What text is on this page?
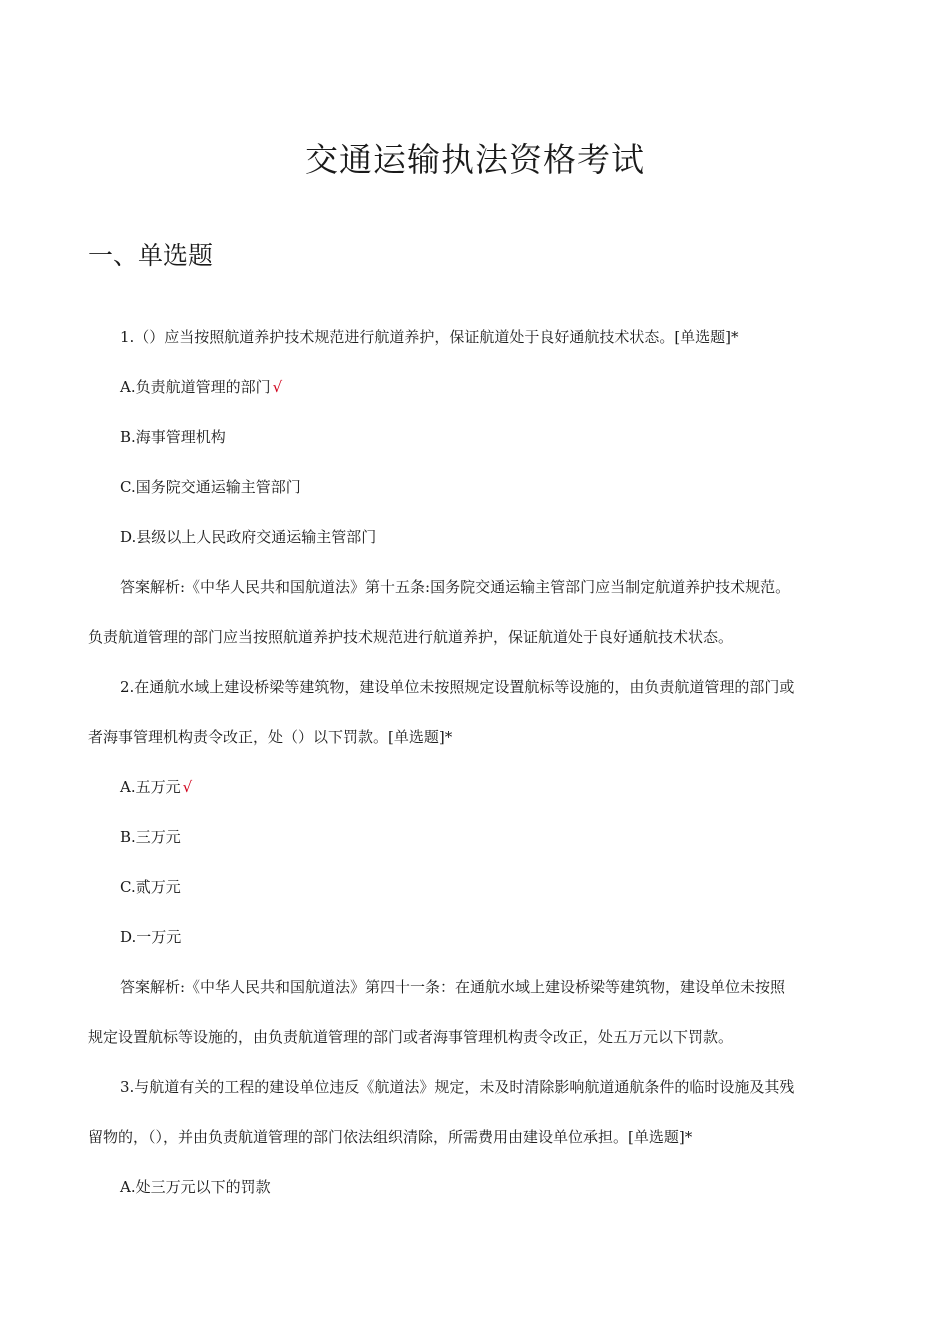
交通运输执法资格考试
一、单选题
1.（）应当按照航道养护技术规范进行航道养护，保证航道处于良好通航技术状态。[单选题]*
A.负责航道管理的部门 √
B.海事管理机构
C.国务院交通运输主管部门
D.县级以上人民政府交通运输主管部门
答案解析:《中华人民共和国航道法》第十五条:国务院交通运输主管部门应当制定航道养护技术规范。
负责航道管理的部门应当按照航道养护技术规范进行航道养护，保证航道处于良好通航技术状态。
2.在通航水域上建设桥梁等建筑物，建设单位未按照规定设置航标等设施的，由负责航道管理的部门或
者海事管理机构责令改正，处（）以下罚款。[单选题]*
A.五万元 √
B.三万元
C.贰万元
D.一万元
答案解析:《中华人民共和国航道法》第四十一条：在通航水域上建设桥梁等建筑物，建设单位未按照
规定设置航标等设施的，由负责航道管理的部门或者海事管理机构责令改正，处五万元以下罚款。
3.与航道有关的工程的建设单位违反《航道法》规定，未及时清除影响航道通航条件的临时设施及其残
留物的，（），并由负责航道管理的部门依法组织清除，所需费用由建设单位承担。[单选题]*
A.处三万元以下的罚款
